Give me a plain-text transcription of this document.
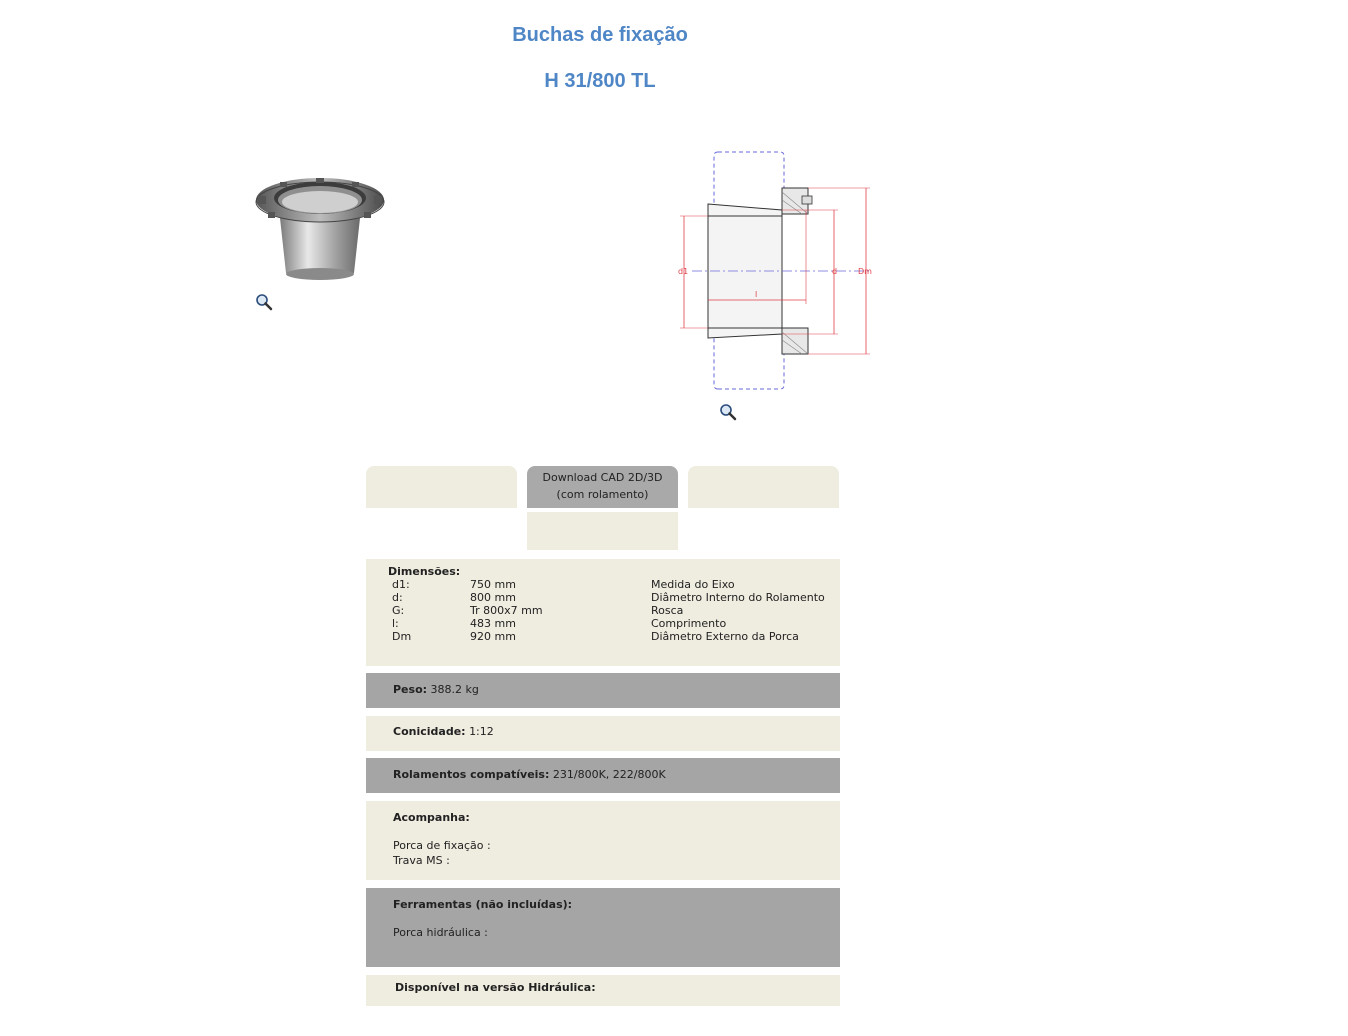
Buchas de fixação
H 31/800 TL
d1	d	Dm
l
Download CAD 2D/3D
(com rolamento)
Dimensões:
d1:	750 mm	Medida do Eixo
d:	800 mm	Diâmetro Interno do Rolamento
G:	Tr 800x7 mm	Rosca
l:	483 mm	Comprimento
Dm	920 mm	Diâmetro Externo da Porca
Peso: 388.2 kg
Conicidade: 1:12
Rolamentos compatíveis: 231/800K, 222/800K
Acompanha:
Porca de fixação :
Trava MS :
Ferramentas (não incluídas):
Porca hidráulica :
Disponível na versão Hidráulica:
